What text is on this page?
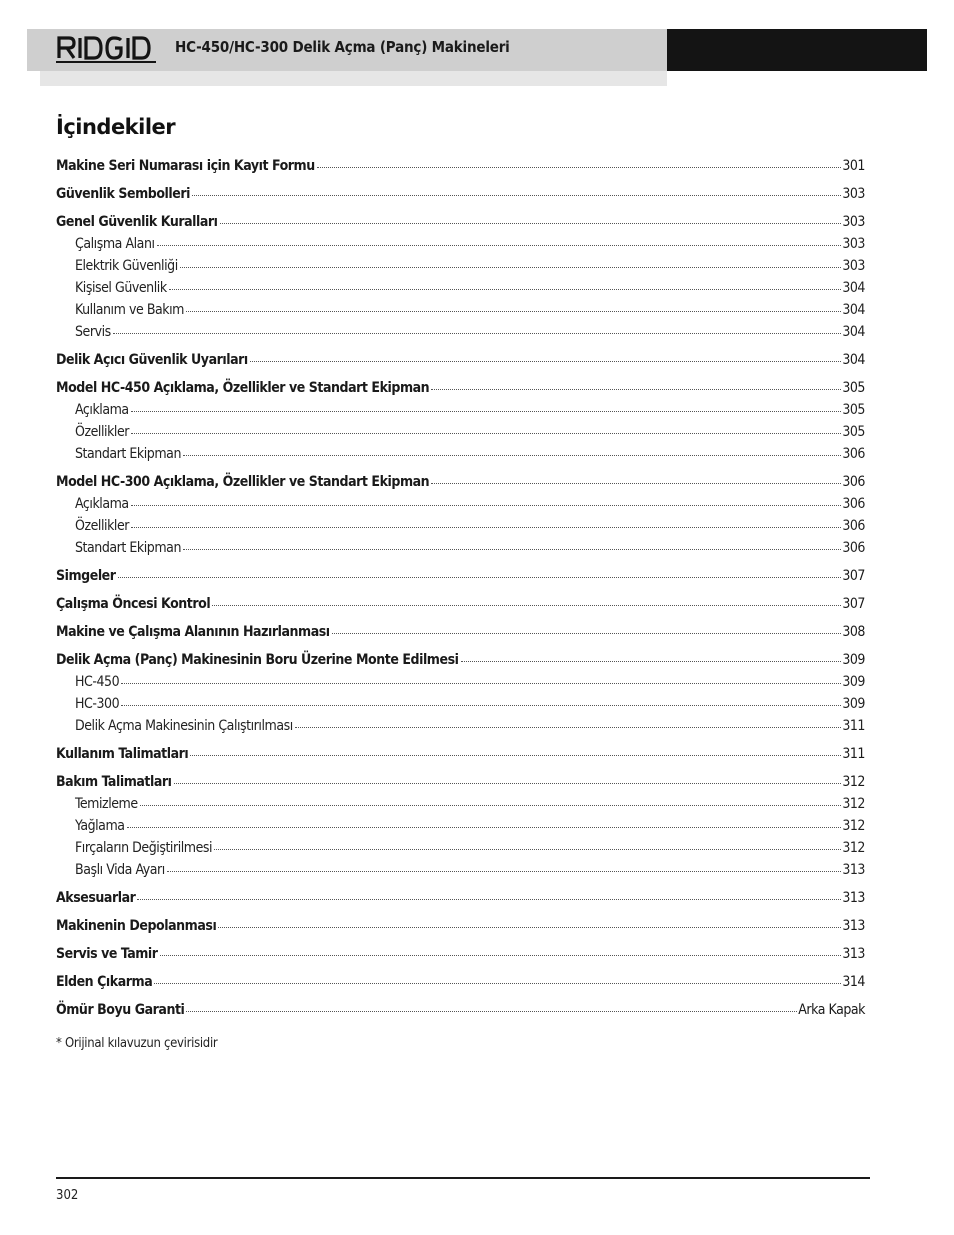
HC-450/HC-300 Delik Açma (Panç) Makineleri
İçindekiler
Makine Seri Numarası için Kayıt Formu	301
Güvenlik Sembolleri	303
Genel Güvenlik Kuralları	303
Çalışma Alanı	303
Elektrik Güvenliği	303
Kişisel Güvenlik	304
Kullanım ve Bakım	304
Servis	304
Delik Açıcı Güvenlik Uyarıları	304
Model HC-450 Açıklama, Özellikler ve Standart Ekipman	305
Açıklama	305
Özellikler	305
Standart Ekipman	306
Model HC-300 Açıklama, Özellikler ve Standart Ekipman	306
Açıklama	306
Özellikler	306
Standart Ekipman	306
Simgeler	307
Çalışma Öncesi Kontrol	307
Makine ve Çalışma Alanının Hazırlanması	308
Delik Açma (Panç) Makinesinin Boru Üzerine Monte Edilmesi	309
HC-450	309
HC-300	309
Delik Açma Makinesinin Çalıştırılması	311
Kullanım Talimatları	311
Bakım Talimatları	312
Temizleme	312
Yağlama	312
Fırçaların Değiştirilmesi	312
Başlı Vida Ayarı	313
Aksesuarlar	313
Makinenin Depolanması	313
Servis ve Tamir	313
Elden Çıkarma	314
Ömür Boyu Garanti	Arka Kapak
* Orijinal kılavuzun çevirisidir
302
